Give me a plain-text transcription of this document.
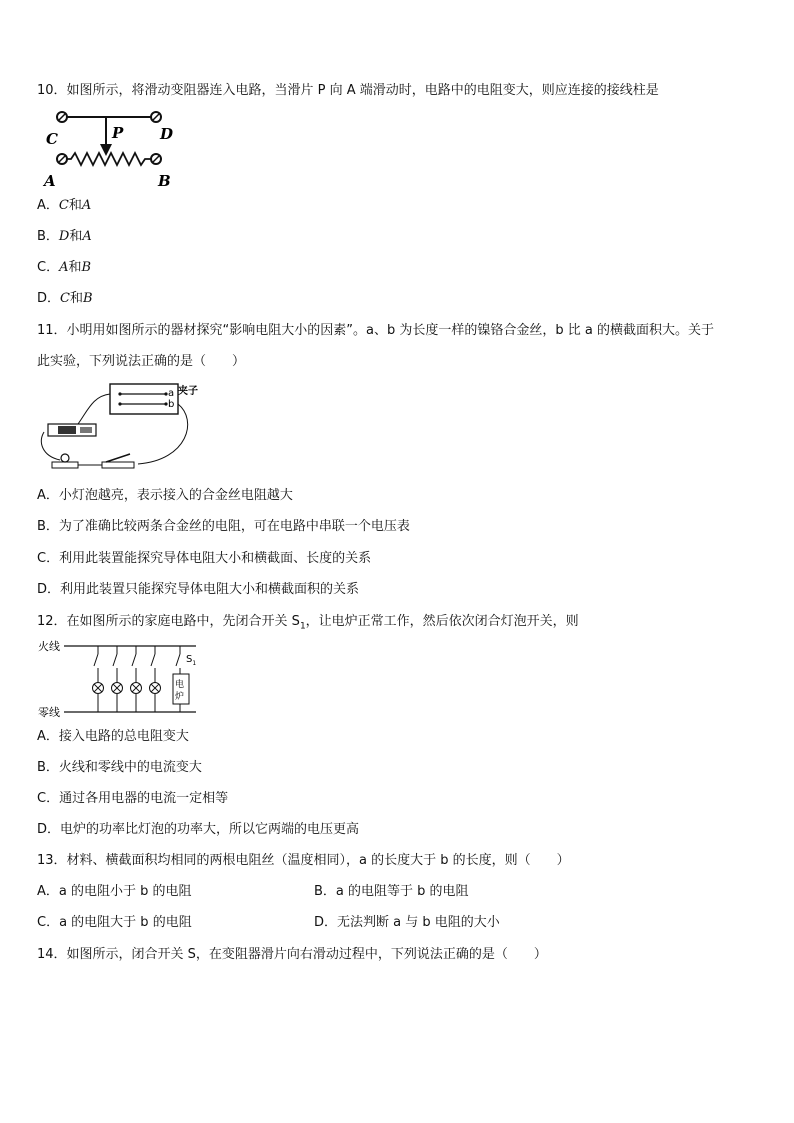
10．如图所示，将滑动变阻器连入电路，当滑片 P 向 A 端滑动时，电路中的电阻变大，则应连接的接线柱是
C	D
P
A	B
A．C和A
B．D和A
C．A和B
D．C和B
11．小明用如图所示的器材探究“影响电阻大小的因素”。a、b 为长度一样的镍铬合金丝，b 比 a 的横截面积大。关于
此实验，下列说法正确的是（　　）
a
b
夹子
A．小灯泡越亮，表示接入的合金丝电阻越大
B．为了准确比较两条合金丝的电阻，可在电路中串联一个电压表
C．利用此装置能探究导体电阻大小和横截面、长度的关系
D．利用此装置只能探究导体电阻大小和横截面积的关系
12．在如图所示的家庭电路中，先闭合开关 $S_1$，让电炉正常工作，然后依次闭合灯泡开关，则
火线
零线
$S_1$
电
炉
A．接入电路的总电阻变大
B．火线和零线中的电流变大
C．通过各用电器的电流一定相等
D．电炉的功率比灯泡的功率大，所以它两端的电压更高
13．材料、横截面积均相同的两根电阻丝（温度相同），a 的长度大于 b 的长度，则（　　）
A．a 的电阻小于 b 的电阻	B．a 的电阻等于 b 的电阻
C．a 的电阻大于 b 的电阻	D．无法判断 a 与 b 电阻的大小
14．如图所示，闭合开关 S，在变阻器滑片向右滑动过程中，下列说法正确的是（　　）
